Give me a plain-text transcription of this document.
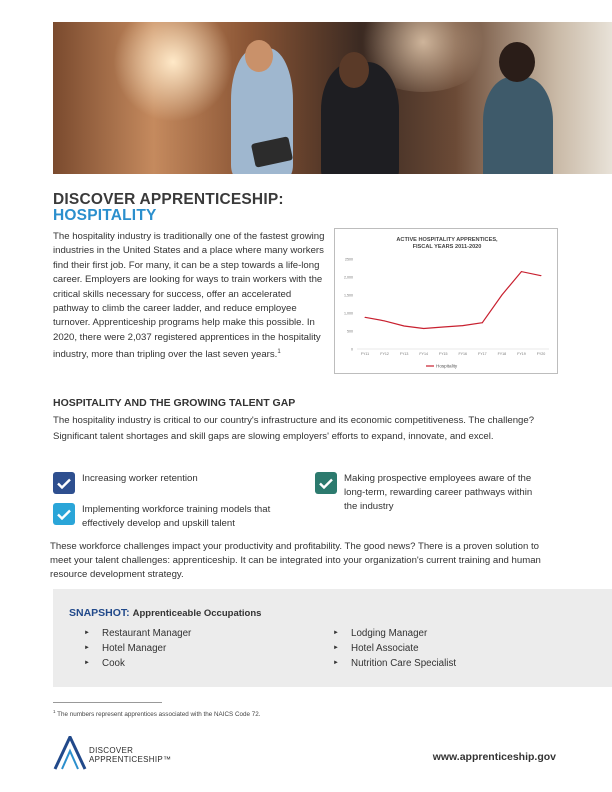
DISCOVER APPRENTICESHIP:
HOSPITALITY

The hospitality industry is traditionally one of the fastest growing industries in the United States and a place where many workers find their first job. For many, it can be a step towards a life-long career. Employers are looking for ways to train workers with the critical skills necessary for success, offer an accelerated pathway to climb the career ladder, and reduce employee turnover. Apprenticeship programs help make this possible. In 2020, there were 2,037 registered apprentices in the hospitality industry, more than tripling over the last seven years.$^1$

ACTIVE HOSPITALITY APPRENTICES,
FISCAL YEARS 2011-2020
0
500
1,000
1,500
2,000
2500
FY11	FY12	FY13	FY14	FY15	FY16	FY17	FY18	FY19	FY20
Hospitality
HOSPITALITY AND THE GROWING TALENT GAP

The hospitality industry is critical to our country's infrastructure and its economic competitiveness. The challenge? Significant talent shortages and skill gaps are slowing employers' efforts to expand, innovate, and excel.

Increasing worker retention
Implementing workforce training models that effectively develop and upskill talent
Making prospective employees aware of the long-term, rewarding career pathways within the industry

These workforce challenges impact your productivity and profitability. The good news? There is a proven solution to meet your talent challenges: apprenticeship. It can be integrated into your organization's current training and human resource development strategy.

SNAPSHOT: Apprenticeable Occupations
► Restaurant Manager
► Hotel Manager
► Cook
► Lodging Manager
► Hotel Associate
► Nutrition Care Specialist

$^1$ The numbers represent apprentices associated with the NAICS Code 72.

DISCOVER
APPRENTICESHIP™	www.apprenticeship.gov
